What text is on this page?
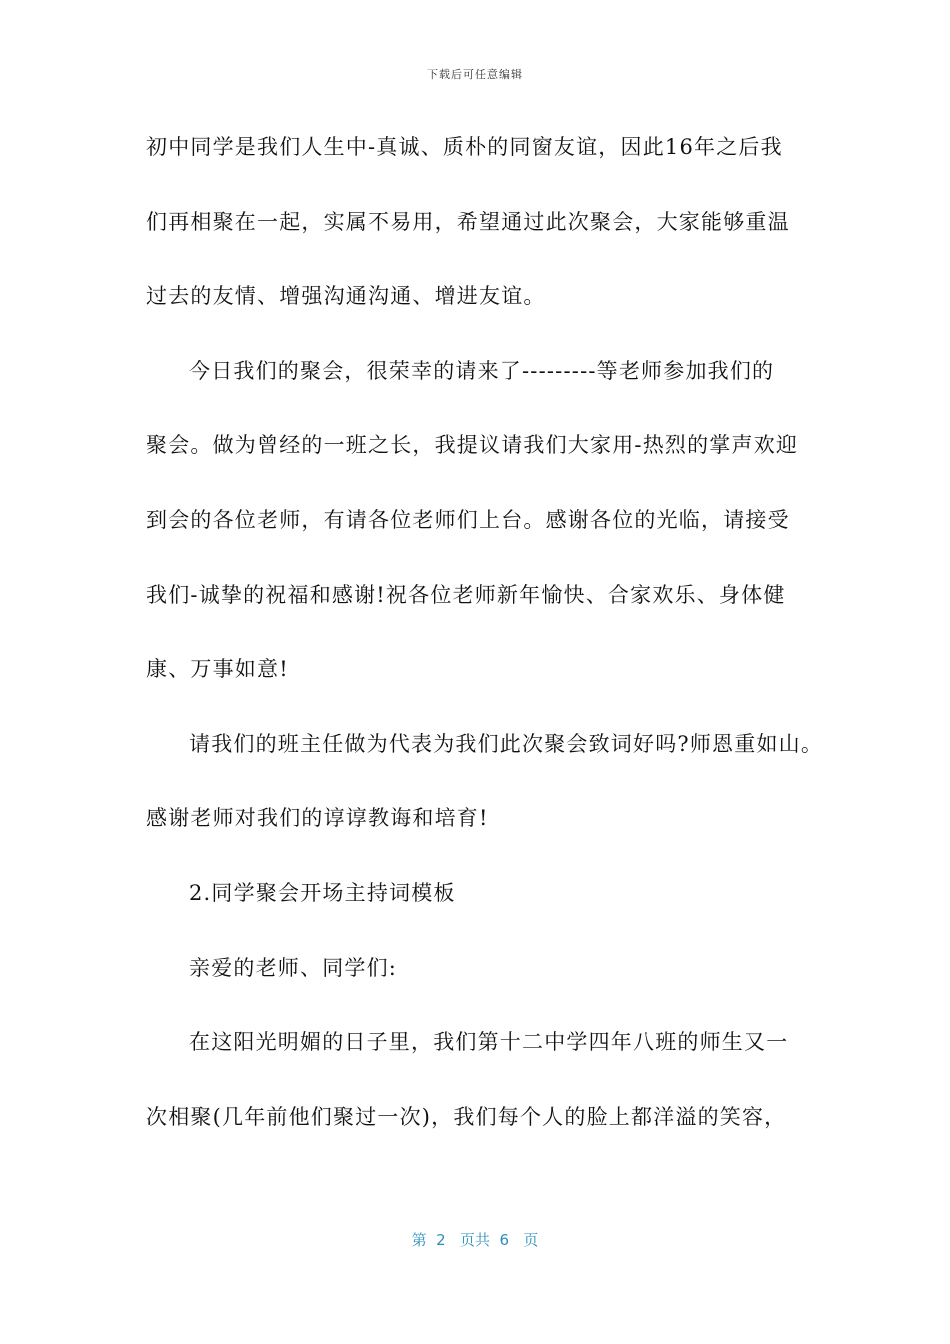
下载后可任意编辑
初中同学是我们人生中-真诚、质朴的同窗友谊，因此16年之后我
们再相聚在一起，实属不易用，希望通过此次聚会，大家能够重温
过去的友情、增强沟通沟通、增进友谊。
今日我们的聚会，很荣幸的请来了---------等老师参加我们的
聚会。做为曾经的一班之长，我提议请我们大家用-热烈的掌声欢迎
到会的各位老师，有请各位老师们上台。感谢各位的光临，请接受
我们-诚挚的祝福和感谢!祝各位老师新年愉快、合家欢乐、身体健
康、万事如意!
请我们的班主任做为代表为我们此次聚会致词好吗?师恩重如山。
感谢老师对我们的谆谆教诲和培育!
2.同学聚会开场主持词模板
亲爱的老师、同学们:
在这阳光明媚的日子里，我们第十二中学四年八班的师生又一
次相聚(几年前他们聚过一次)，我们每个人的脸上都洋溢的笑容，
第  2   页共  6   页
